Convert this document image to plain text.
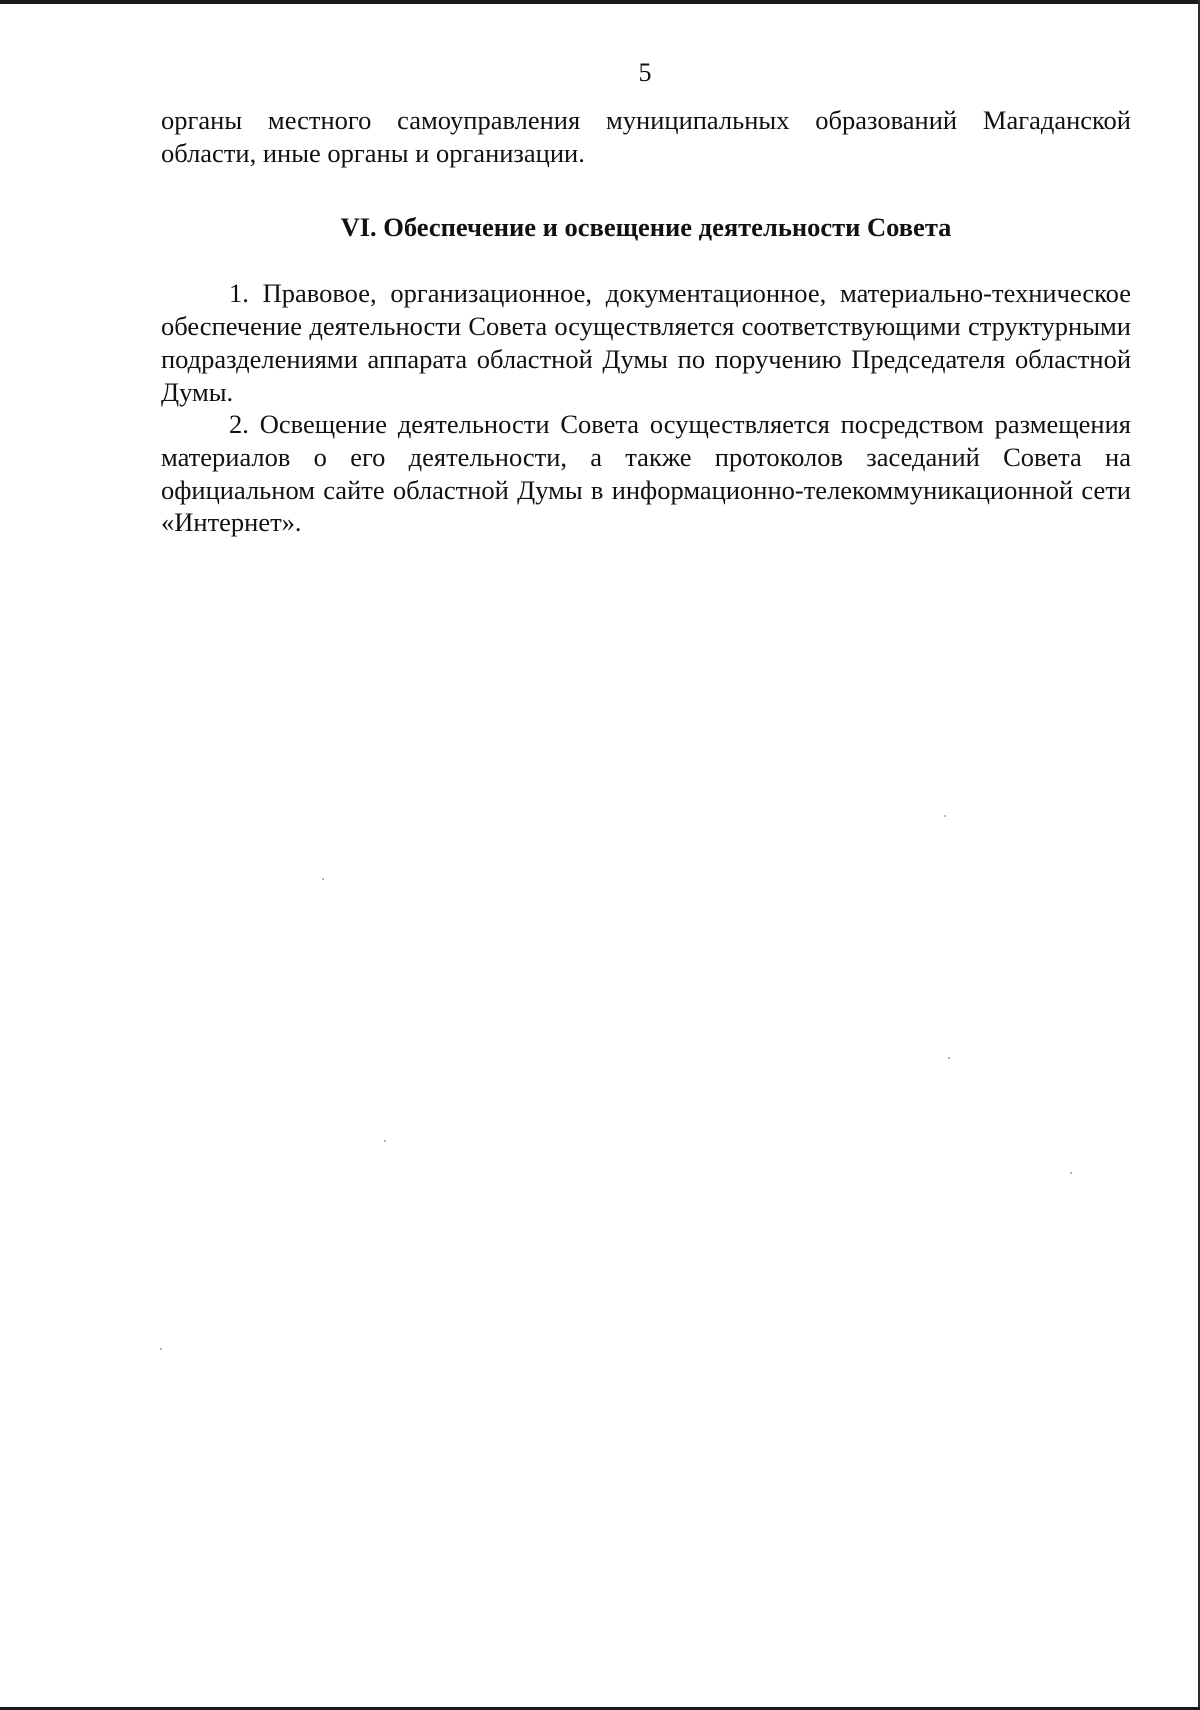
5

органы местного самоуправления муниципальных образований Магаданской области, иные органы и организации.

VI. Обеспечение и освещение деятельности Совета

1. Правовое, организационное, документационное, материально-техническое обеспечение деятельности Совета осуществляется соответствующими структурными подразделениями аппарата областной Думы по поручению Председателя областной Думы.

2. Освещение деятельности Совета осуществляется посредством размещения материалов о его деятельности, а также протоколов заседаний Совета на официальном сайте областной Думы в информационно-телекоммуникационной сети «Интернет».
